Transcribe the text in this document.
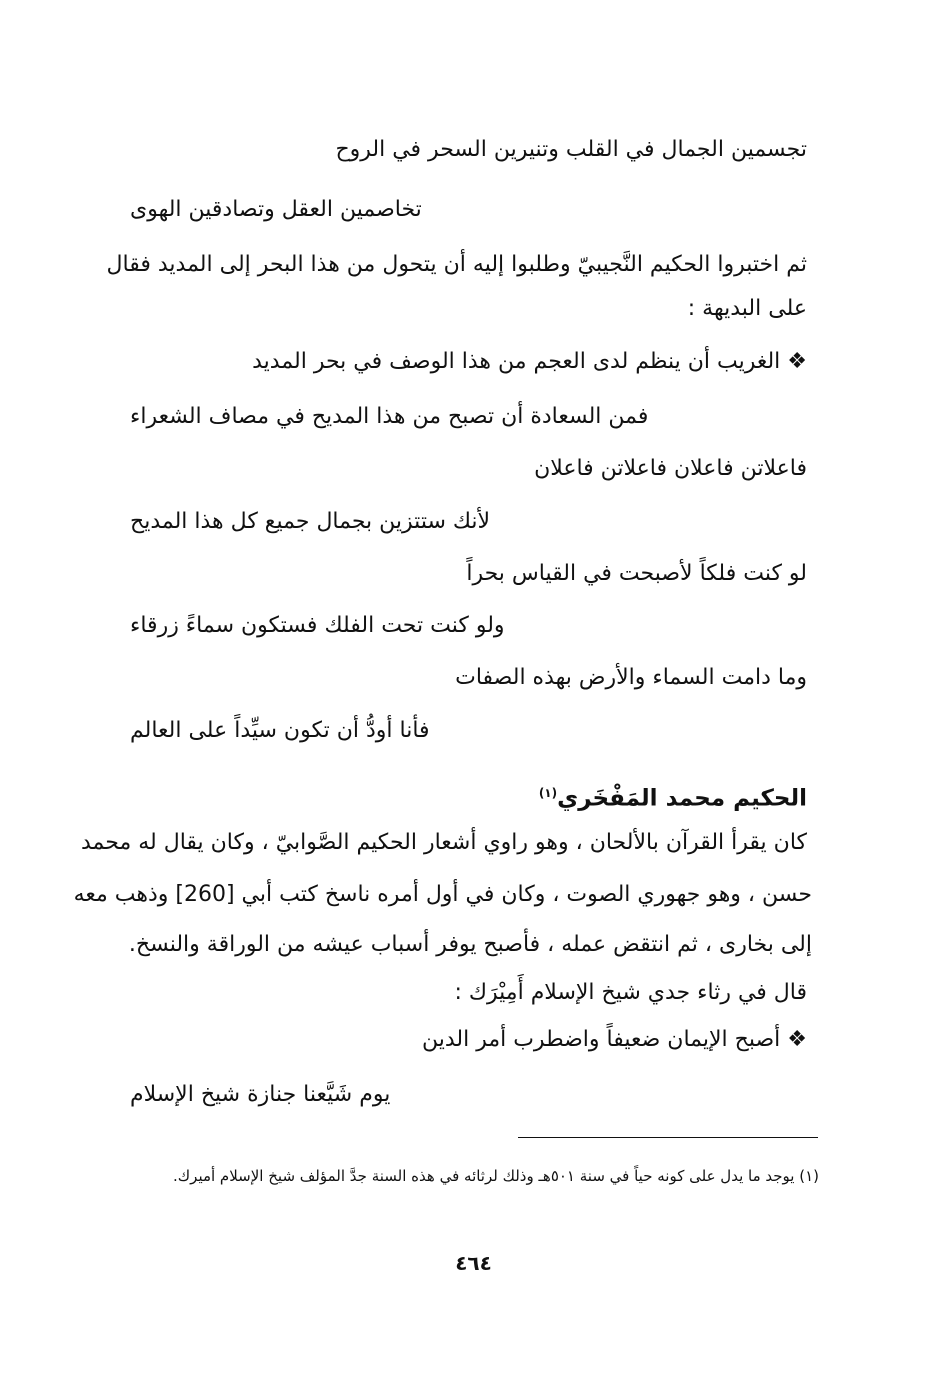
تجسمين الجمال في القلب وتنيرين السحر في الروح
تخاصمين العقل وتصادقين الهوى
ثم اختبروا الحكيم النَّجيبيّ وطلبوا إليه أن يتحول من هذا البحر إلى المديد فقال
على البديهة :
❖ الغريب أن ينظم لدى العجم من هذا الوصف في بحر المديد
فمن السعادة أن تصبح من هذا المديح في مصاف الشعراء
فاعلاتن فاعلان فاعلاتن فاعلان
لأنك ستتزين بجمال جميع كل هذا المديح
لو كنت فلكاً لأصبحت في القياس بحراً
ولو كنت تحت الفلك فستكون سماءً زرقاء
وما دامت السماء والأرض بهذه الصفات
فأنا أودُّ أن تكون سيِّداً على العالم
الحكيم محمد المَفْخَري$^{(١)}$
كان يقرأ القرآن بالألحان ، وهو راوي أشعار الحكيم الصَّوابيّ ، وكان يقال له محمد
حسن ، وهو جهوري الصوت ، وكان في أول أمره ناسخ كتب أبي [260] وذهب معه
إلى بخارى ، ثم انتقض عمله ، فأصبح يوفر أسباب عيشه من الوراقة والنسخ.
قال في رثاء جدي شيخ الإسلام أَمِيْرَك :
❖ أصبح الإيمان ضعيفاً واضطرب أمر الدين
يوم شَيَّعنا جنازة شيخ الإسلام
(١) يوجد ما يدل على كونه حياً في سنة ٥٠١هـ وذلك لرثائه في هذه السنة جدَّ المؤلف شيخ الإسلام أميرك.
٤٦٤
